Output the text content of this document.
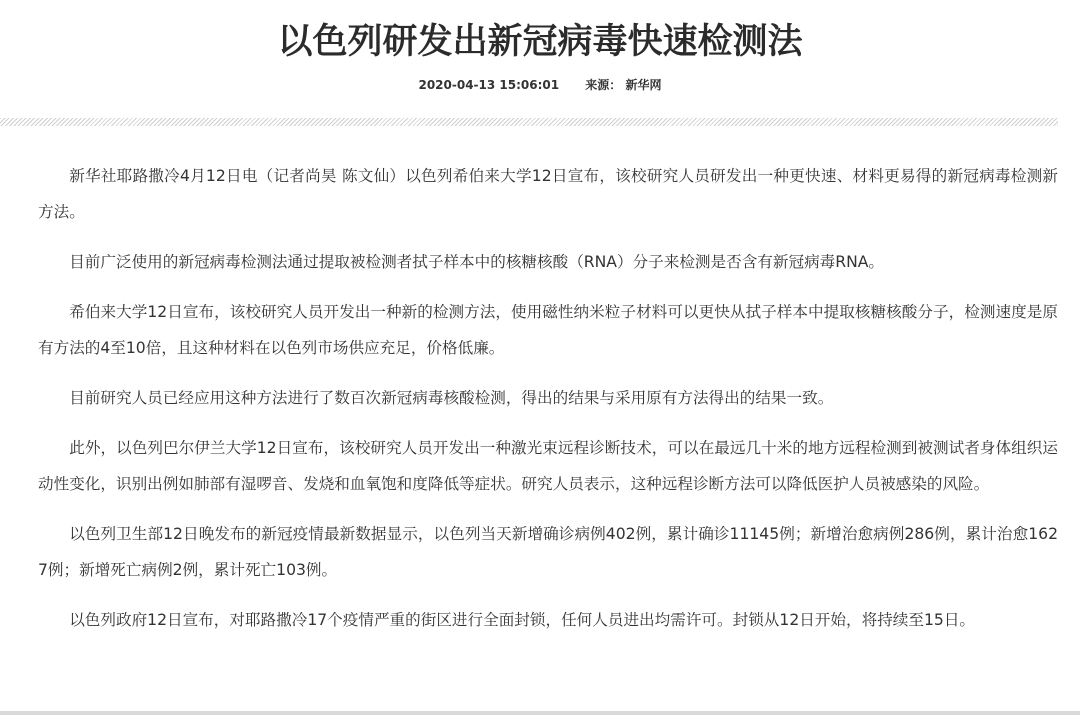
以色列研发出新冠病毒快速检测法
2020-04-13 15:06:01 来源： 新华网

新华社耶路撒冷4月12日电（记者尚昊 陈文仙）以色列希伯来大学12日宣布，该校研究人员研发出一种更快速、材料更易得的新冠病毒检测新方法。

目前广泛使用的新冠病毒检测法通过提取被检测者拭子样本中的核糖核酸（RNA）分子来检测是否含有新冠病毒RNA。

希伯来大学12日宣布，该校研究人员开发出一种新的检测方法，使用磁性纳米粒子材料可以更快从拭子样本中提取核糖核酸分子，检测速度是原有方法的4至10倍，且这种材料在以色列市场供应充足，价格低廉。

目前研究人员已经应用这种方法进行了数百次新冠病毒核酸检测，得出的结果与采用原有方法得出的结果一致。

此外，以色列巴尔伊兰大学12日宣布，该校研究人员开发出一种激光束远程诊断技术，可以在最远几十米的地方远程检测到被测试者身体组织运动性变化，识别出例如肺部有湿啰音、发烧和血氧饱和度降低等症状。研究人员表示，这种远程诊断方法可以降低医护人员被感染的风险。

以色列卫生部12日晚发布的新冠疫情最新数据显示，以色列当天新增确诊病例402例，累计确诊11145例；新增治愈病例286例，累计治愈1627例；新增死亡病例2例，累计死亡103例。

以色列政府12日宣布，对耶路撒冷17个疫情严重的街区进行全面封锁，任何人员进出均需许可。封锁从12日开始，将持续至15日。
